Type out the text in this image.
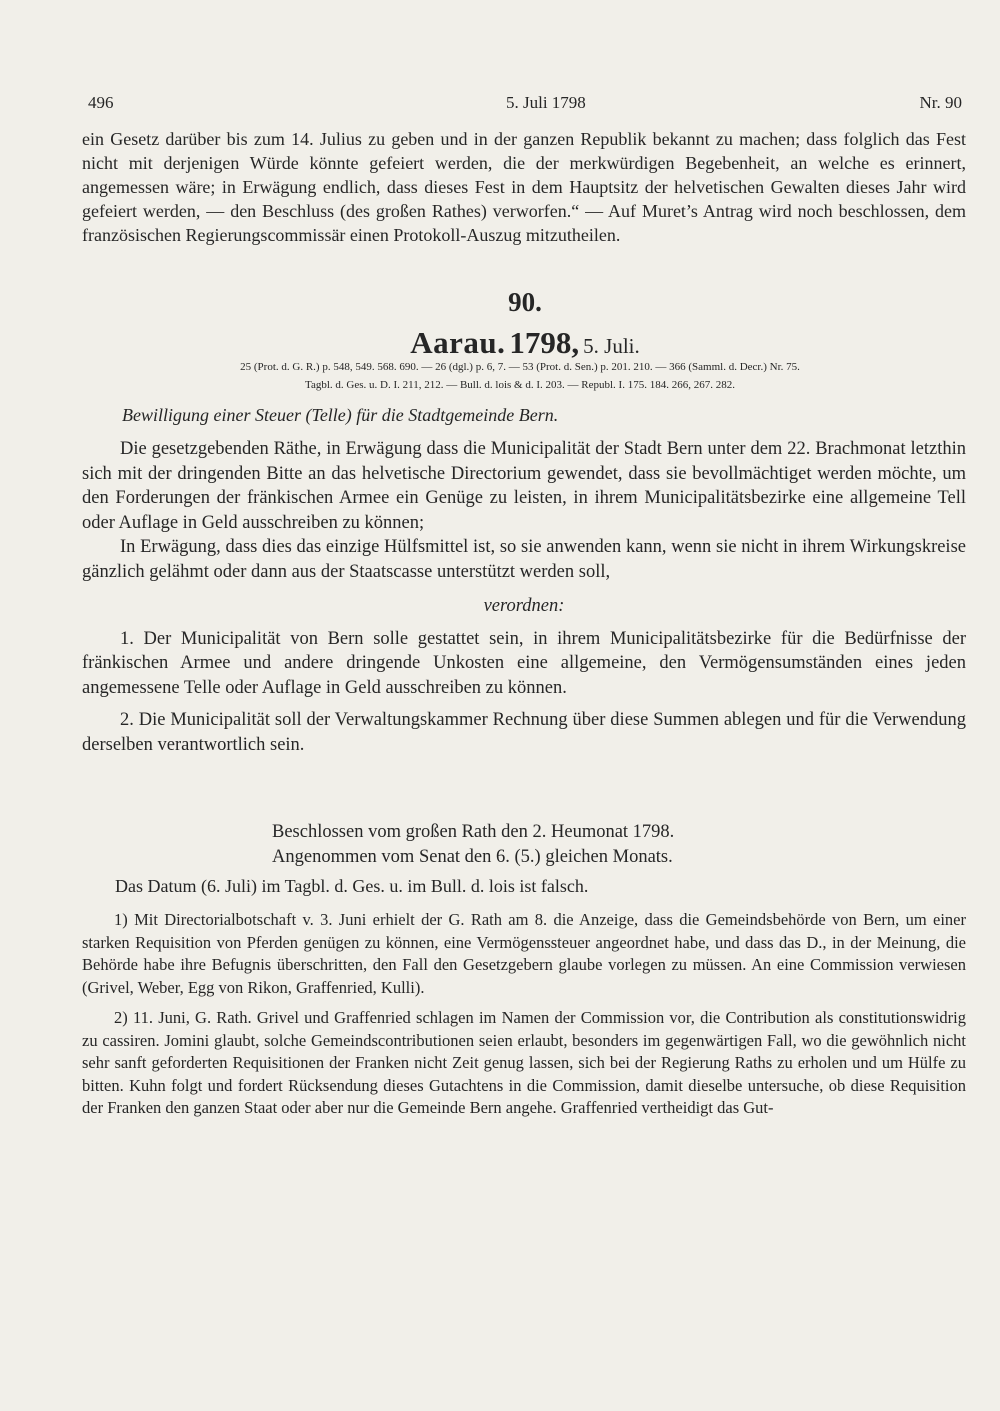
496	5. Juli 1798	Nr. 90

ein Gesetz darüber bis zum 14. Julius zu geben und in der ganzen Republik bekannt zu machen; dass folglich das Fest nicht mit derjenigen Würde könnte gefeiert werden, die der merkwürdigen Begebenheit, an welche es erinnert, angemessen wäre; in Erwägung endlich, dass dieses Fest in dem Hauptsitz der helvetischen Gewalten dieses Jahr wird gefeiert werden, — den Beschluss (des großen Rathes) verworfen.“ — Auf Muret’s Antrag wird noch beschlossen, dem französischen Regierungscommissär einen Protokoll-Auszug mitzutheilen.

90.
Aarau. 1798, 5. Juli.
25 (Prot. d. G. R.) p. 548, 549. 568. 690. — 26 (dgl.) p. 6, 7. — 53 (Prot. d. Sen.) p. 201. 210. — 366 (Samml. d. Decr.) Nr. 75.
Tagbl. d. Ges. u. D. I. 211, 212. — Bull. d. lois & d. I. 203. — Republ. I. 175. 184. 266, 267. 282.
Bewilligung einer Steuer (Telle) für die Stadtgemeinde Bern.

Die gesetzgebenden Räthe, in Erwägung dass die Municipalität der Stadt Bern unter dem 22. Brachmonat letzthin sich mit der dringenden Bitte an das helvetische Directorium gewendet, dass sie bevollmächtiget werden möchte, um den Forderungen der fränkischen Armee ein Genüge zu leisten, in ihrem Municipalitätsbezirke eine allgemeine Tell oder Auflage in Geld ausschreiben zu können;

In Erwägung, dass dies das einzige Hülfsmittel ist, so sie anwenden kann, wenn sie nicht in ihrem Wirkungskreise gänzlich gelähmt oder dann aus der Staatscasse unterstützt werden soll,

verordnen:

1. Der Municipalität von Bern solle gestattet sein, in ihrem Municipalitätsbezirke für die Bedürfnisse der fränkischen Armee und andere dringende Unkosten eine allgemeine, den Vermögensumständen eines jeden angemessene Telle oder Auflage in Geld ausschreiben zu können.

2. Die Municipalität soll der Verwaltungskammer Rechnung über diese Summen ablegen und für die Verwendung derselben verantwortlich sein.

Beschlossen vom großen Rath den 2. Heumonat 1798.
Angenommen vom Senat den 6. (5.) gleichen Monats.
Das Datum (6. Juli) im Tagbl. d. Ges. u. im Bull. d. lois ist falsch.

1) Mit Directorialbotschaft v. 3. Juni erhielt der G. Rath am 8. die Anzeige, dass die Gemeindsbehörde von Bern, um einer starken Requisition von Pferden genügen zu können, eine Vermögenssteuer angeordnet habe, und dass das D., in der Meinung, die Behörde habe ihre Befugnis überschritten, den Fall den Gesetzgebern glaube vorlegen zu müssen. An eine Commission verwiesen (Grivel, Weber, Egg von Rikon, Graffenried, Kulli).

2) 11. Juni, G. Rath. Grivel und Graffenried schlagen im Namen der Commission vor, die Contribution als constitutionswidrig zu cassiren. Jomini glaubt, solche Gemeindscontributionen seien erlaubt, besonders im gegenwärtigen Fall, wo die gewöhnlich nicht sehr sanft geforderten Requisitionen der Franken nicht Zeit genug lassen, sich bei der Regierung Raths zu erholen und um Hülfe zu bitten. Kuhn folgt und fordert Rücksendung dieses Gutachtens in die Commission, damit dieselbe untersuche, ob diese Requisition der Franken den ganzen Staat oder aber nur die Gemeinde Bern angehe. Graffenried vertheidigt das Gut-
